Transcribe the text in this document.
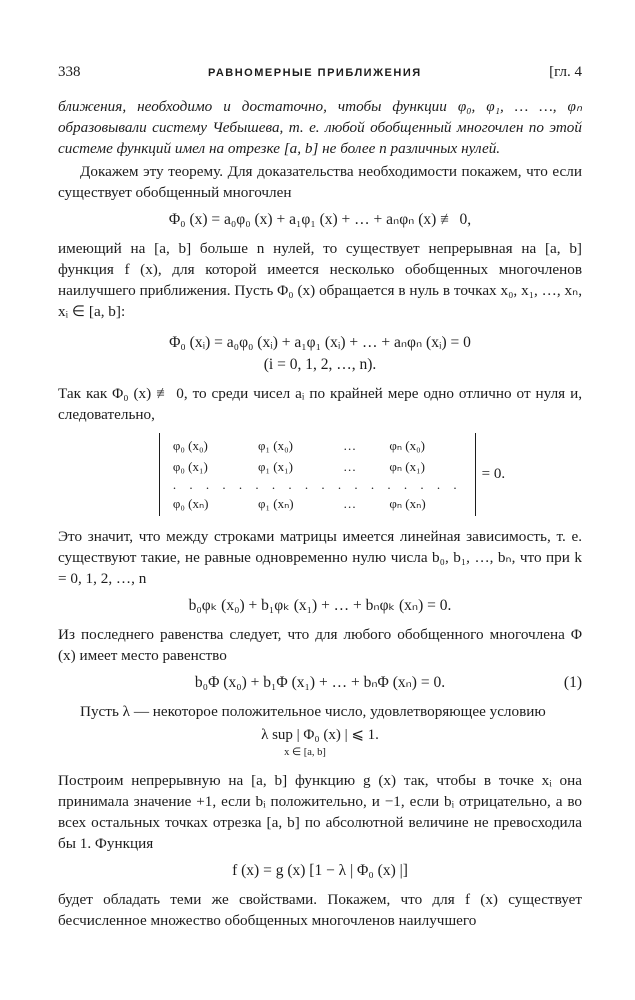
338	РАВНОМЕРНЫЕ ПРИБЛИЖЕНИЯ	[гл. 4

ближения, необходимо и достаточно, чтобы функции φ₀, φ₁, … …, φₙ образовывали систему Чебышева, т. е. любой обобщенный многочлен по этой системе функций имел на отрезке [a, b] не более n различных нулей.

Докажем эту теорему. Для доказательства необходимости покажем, что если существует обобщенный многочлен

Φ₀ (x) = a₀φ₀ (x) + a₁φ₁ (x) + … + aₙφₙ (x) ≢ 0,

имеющий на [a, b] больше n нулей, то существует непрерывная на [a, b] функция f (x), для которой имеется несколько обобщенных многочленов наилучшего приближения. Пусть Φ₀ (x) обращается в нуль в точках x₀, x₁, …, xₙ, xᵢ ∈ [a, b]:

Φ₀ (xᵢ) = a₀φ₀ (xᵢ) + a₁φ₁ (xᵢ) + … + aₙφₙ (xᵢ) = 0
(i = 0, 1, 2, …, n).

Так как Φ₀ (x) ≢ 0, то среди чисел aᵢ по крайней мере одно отлично от нуля и, следовательно,

φ₀ (x₀)	φ₁ (x₀)	…	φₙ (x₀)
φ₀ (x₁)	φ₁ (x₁)	…	φₙ (x₁)
. . . . . . . . . . . . . . . . . .			
φ₀ (xₙ)	φ₁ (xₙ)	…	φₙ (xₙ)
= 0.

Это значит, что между строками матрицы имеется линейная зависимость, т. е. существуют такие, не равные одновременно нулю числа b₀, b₁, …, bₙ, что при k = 0, 1, 2, …, n

b₀φₖ (x₀) + b₁φₖ (x₁) + … + bₙφₖ (xₙ) = 0.

Из последнего равенства следует, что для любого обобщенного многочлена Φ (x) имеет место равенство

b₀Φ (x₀) + b₁Φ (x₁) + … + bₙΦ (xₙ) = 0.	(1)

Пусть λ — некоторое положительное число, удовлетворяющее условию

λ sup | Φ₀ (x) | ⩽ 1.
x ∈ [a, b]

Построим непрерывную на [a, b] функцию g (x) так, чтобы в точке xᵢ она принимала значение +1, если bᵢ положительно, и −1, если bᵢ отрицательно, а во всех остальных точках отрезка [a, b] по абсолютной величине не превосходила бы 1. Функция

f (x) = g (x) [1 − λ | Φ₀ (x) |]

будет обладать теми же свойствами. Покажем, что для f (x) существует бесчисленное множество обобщенных многочленов наилучшего
